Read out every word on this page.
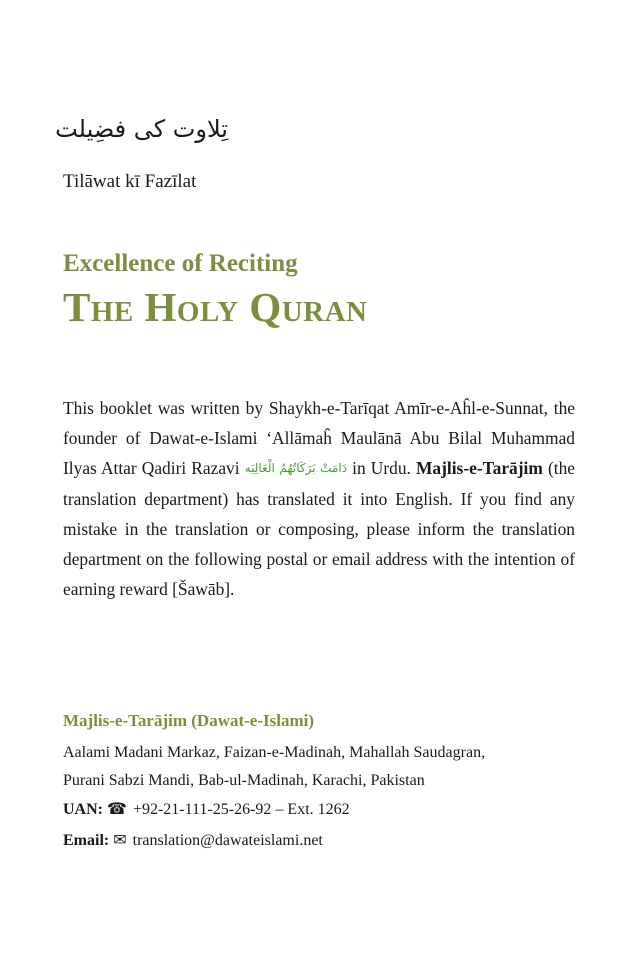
تِلاوت کی فضِیلت
Tilāwat kī Fazīlat
Excellence of Reciting
The Holy Quran
This booklet was written by Shaykh-e-Tarīqat Amīr-e-Aĥl-e-Sunnat, the founder of Dawat-e-Islami ‘Allāmaĥ Maulānā Abu Bilal Muhammad Ilyas Attar Qadiri Razavi دَامَتْ بَرَكَاتُهُمُ الْعَالِيَه in Urdu. Majlis-e-Tarājim (the translation department) has translated it into English. If you find any mistake in the translation or composing, please inform the translation department on the following postal or email address with the intention of earning reward [Šawāb].
Majlis-e-Tarājim (Dawat-e-Islami)
Aalami Madani Markaz, Faizan-e-Madinah, Mahallah Saudagran,
Purani Sabzi Mandi, Bab-ul-Madinah, Karachi, Pakistan
UAN: ☎ +92-21-111-25-26-92 – Ext. 1262
Email: ✉ translation@dawateislami.net
